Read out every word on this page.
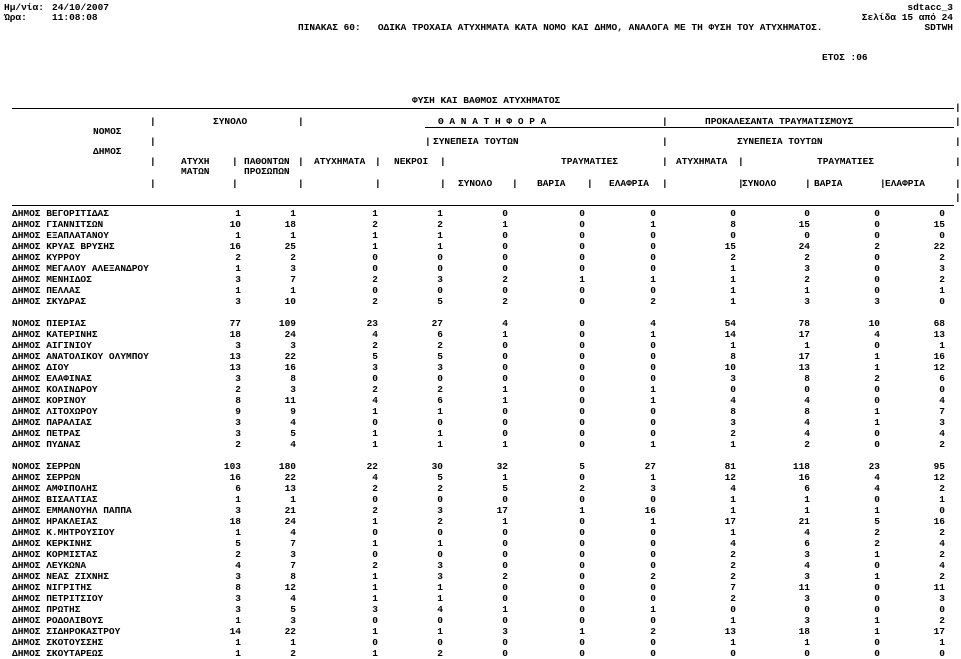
Ημ/νία: 24/10/2007
Ώρα:	11:08:08
sdtacc_3
Σελίδα 15 από 24
ΠΙΝΑΚΑΣ 60:   ΟΔΙΚΑ ΤΡΟΧΑΙΑ ΑΤΥΧΗΜΑΤΑ ΚΑΤΑ ΝΟΜΟ ΚΑΙ ΔΗΜΟ, ΑΝΑΛΟΓΑ ΜΕ ΤΗ ΦΥΣΗ ΤΟΥ ΑΤΥΧΗΜΑΤΟΣ.	SDTWH
ΕΤΟΣ :06
ΦΥΣΗ ΚΑΙ ΒΑΘΜΟΣ ΑΤΥΧΗΜΑΤΟΣ
ΝΟΜΟΣ
ΔΗΜΟΣ
ΣΥΝΟΛΟ	Θ Α Ν Α Τ Η Φ Ο Ρ Α	ΠΡΟΚΑΛΕΣΑΝΤΑ ΤΡΑΥΜΑΤΙΣΜΟΥΣ
ΣΥΝΕΠΕΙΑ ΤΟΥΤΩΝ	ΣΥΝΕΠΕΙΑ ΤΟΥΤΩΝ
ΑΤΥΧΗ
ΜΑΤΩΝ
ΠΑΘΟΝΤΩΝ
ΠΡΟΣΩΠΩΝ
ΑΤΥΧΗΜΑΤΑ	ΝΕΚΡΟΙ	ΤΡΑΥΜΑΤΙΕΣ	ΑΤΥΧΗΜΑΤΑ	ΤΡΑΥΜΑΤΙΕΣ
ΣΥΝΟΛΟ	ΒΑΡΙΑ	ΕΛΑΦΡΙΑ	ΣΥΝΟΛΟ	ΒΑΡΙΑ	ΕΛΑΦΡΙΑ
|
|	|	|	|
|	|	|	|
|	|	|	|	|	|	|	|
|	|	|	|	|	|	|	|	|	|	|	|
|
ΔΗΜΟΣ ΒΕΓΟΡΙΤΙΔΑΣ	1	1	1	1	0	0	0	0	0	0	0
ΔΗΜΟΣ ΓΙΑΝΝΙΤΣΩΝ	10	18	2	2	1	0	1	8	15	0	15
ΔΗΜΟΣ ΕΞΑΠΛΑΤΑΝΟΥ	1	1	1	1	0	0	0	0	0	0	0
ΔΗΜΟΣ ΚΡΥΑΣ ΒΡΥΣΗΣ	16	25	1	1	0	0	0	15	24	2	22
ΔΗΜΟΣ ΚΥΡΡΟΥ	2	2	0	0	0	0	0	2	2	0	2
ΔΗΜΟΣ ΜΕΓΑΛΟΥ ΑΛΕΞΑΝΔΡΟΥ	1	3	0	0	0	0	0	1	3	0	3
ΔΗΜΟΣ ΜΕΝΗΙΔΟΣ	3	7	2	3	2	1	1	1	2	0	2
ΔΗΜΟΣ ΠΕΛΛΑΣ	1	1	0	0	0	0	0	1	1	0	1
ΔΗΜΟΣ ΣΚΥΔΡΑΣ	3	10	2	5	2	0	2	1	3	3	0
ΝΟΜΟΣ ΠΙΕΡΙΑΣ	77	109	23	27	4	0	4	54	78	10	68
ΔΗΜΟΣ ΚΑΤΕΡΙΝΗΣ	18	24	4	6	1	0	1	14	17	4	13
ΔΗΜΟΣ ΑΙΓΙΝΙΟΥ	3	3	2	2	0	0	0	1	1	0	1
ΔΗΜΟΣ ΑΝΑΤΟΛΙΚΟΥ ΟΛΥΜΠΟΥ	13	22	5	5	0	0	0	8	17	1	16
ΔΗΜΟΣ ΔΙΟΥ	13	16	3	3	0	0	0	10	13	1	12
ΔΗΜΟΣ ΕΛΑΦΙΝΑΣ	3	8	0	0	0	0	0	3	8	2	6
ΔΗΜΟΣ ΚΟΛΙΝΔΡΟΥ	2	3	2	2	1	0	1	0	0	0	0
ΔΗΜΟΣ ΚΟΡΙΝΟΥ	8	11	4	6	1	0	1	4	4	0	4
ΔΗΜΟΣ ΛΙΤΟΧΩΡΟΥ	9	9	1	1	0	0	0	8	8	1	7
ΔΗΜΟΣ ΠΑΡΑΛΙΑΣ	3	4	0	0	0	0	0	3	4	1	3
ΔΗΜΟΣ ΠΕΤΡΑΣ	3	5	1	1	0	0	0	2	4	0	4
ΔΗΜΟΣ ΠΥΔΝΑΣ	2	4	1	1	1	0	1	1	2	0	2
ΝΟΜΟΣ ΣΕΡΡΩΝ	103	180	22	30	32	5	27	81	118	23	95
ΔΗΜΟΣ ΣΕΡΡΩΝ	16	22	4	5	1	0	1	12	16	4	12
ΔΗΜΟΣ ΑΜΦΙΠΟΛΗΣ	6	13	2	2	5	2	3	4	6	4	2
ΔΗΜΟΣ ΒΙΣΑΛΤΙΑΣ	1	1	0	0	0	0	0	1	1	0	1
ΔΗΜΟΣ ΕΜΜΑΝΟΥΗΛ ΠΑΠΠΑ	3	21	2	3	17	1	16	1	1	1	0
ΔΗΜΟΣ ΗΡΑΚΛΕΙΑΣ	18	24	1	2	1	0	1	17	21	5	16
ΔΗΜΟΣ Κ.ΜΗΤΡΟΥΣΙΟΥ	1	4	0	0	0	0	0	1	4	2	2
ΔΗΜΟΣ ΚΕΡΚΙΝΗΣ	5	7	1	1	0	0	0	4	6	2	4
ΔΗΜΟΣ ΚΟΡΜΙΣΤΑΣ	2	3	0	0	0	0	0	2	3	1	2
ΔΗΜΟΣ ΛΕΥΚΩΝΑ	4	7	2	3	0	0	0	2	4	0	4
ΔΗΜΟΣ ΝΕΑΣ ΖΙΧΝΗΣ	3	8	1	3	2	0	2	2	3	1	2
ΔΗΜΟΣ ΝΙΓΡΙΤΗΣ	8	12	1	1	0	0	0	7	11	0	11
ΔΗΜΟΣ ΠΕΤΡΙΤΣΙΟΥ	3	4	1	1	0	0	0	2	3	0	3
ΔΗΜΟΣ ΠΡΩΤΗΣ	3	5	3	4	1	0	1	0	0	0	0
ΔΗΜΟΣ ΡΟΔΟΛΙΒΟΥΣ	1	3	0	0	0	0	0	1	3	1	2
ΔΗΜΟΣ ΣΙΔΗΡΟΚΑΣΤΡΟΥ	14	22	1	1	3	1	2	13	18	1	17
ΔΗΜΟΣ ΣΚΟΤΟΥΣΣΗΣ	1	1	0	0	0	0	0	1	1	0	1
ΔΗΜΟΣ ΣΚΟΥΤΑΡΕΩΣ	1	2	1	2	0	0	0	0	0	0	0
